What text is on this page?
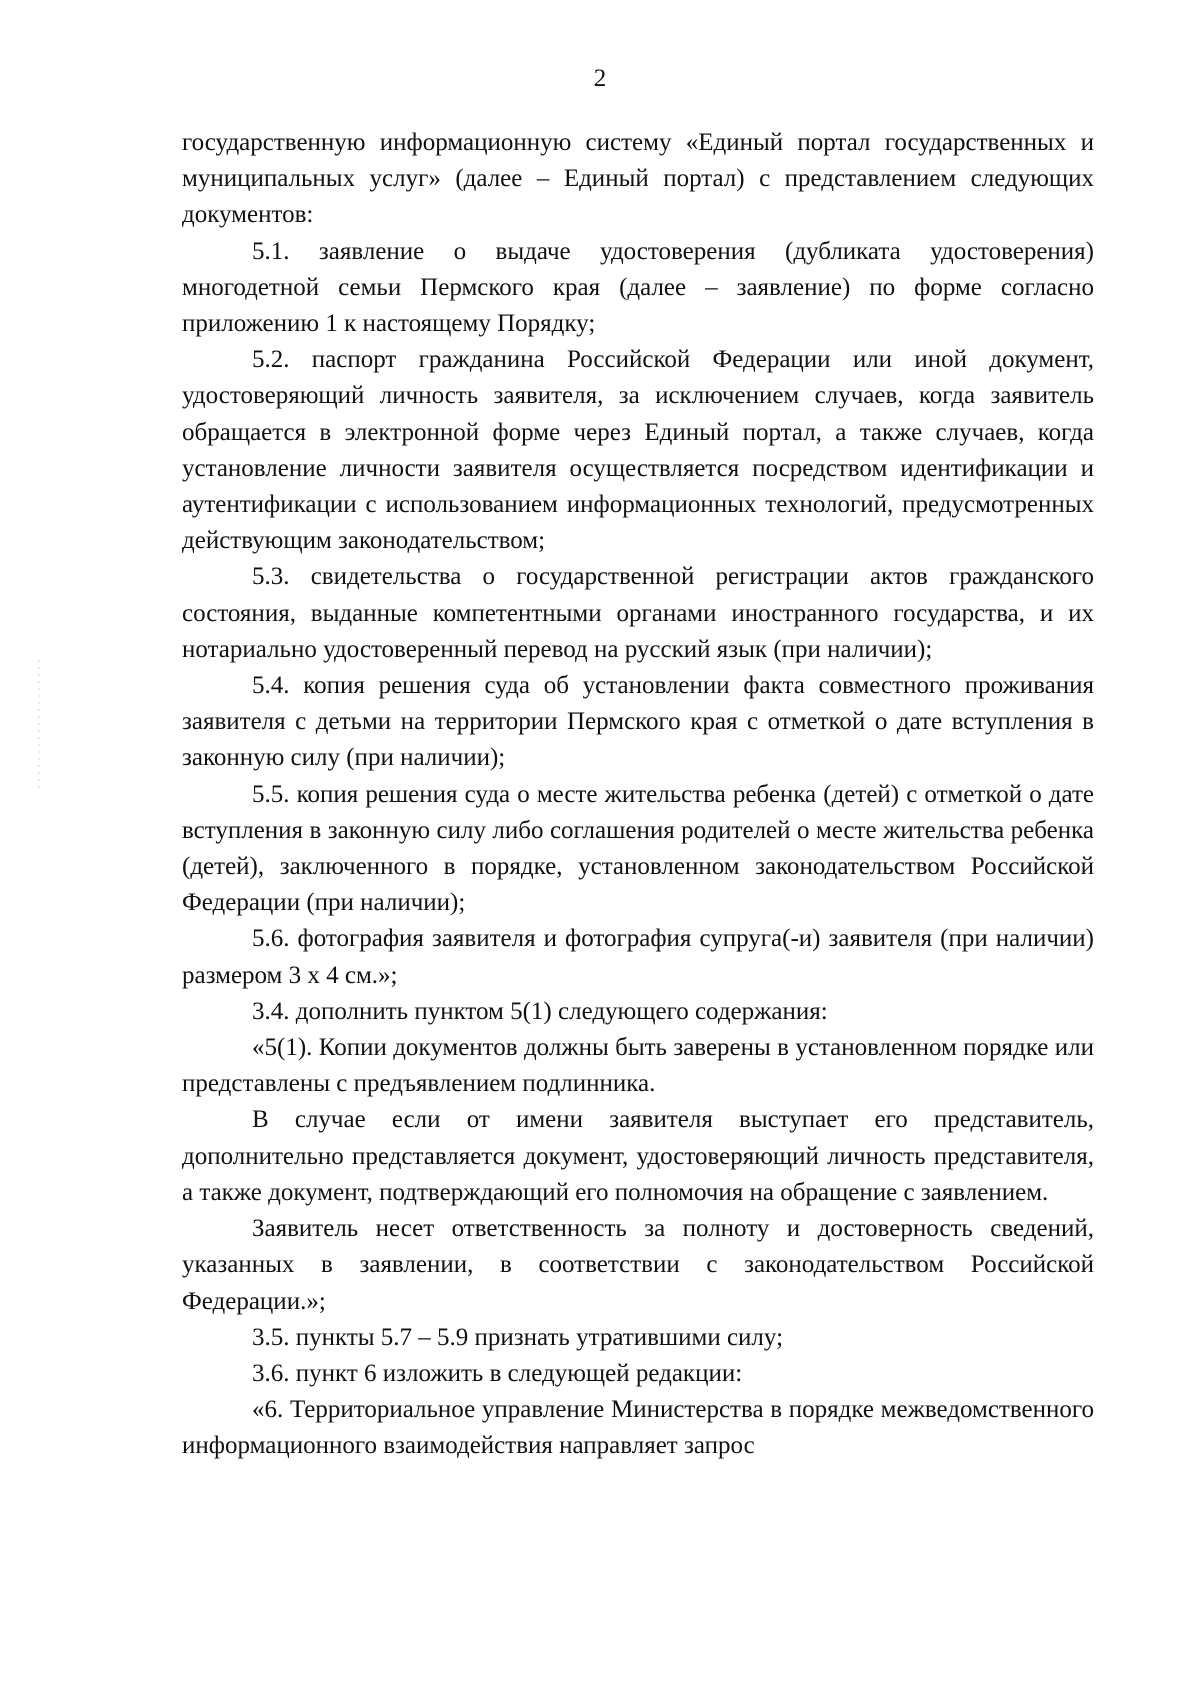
2

государственную информационную систему «Единый портал государственных и муниципальных услуг» (далее – Единый портал) с представлением следующих документов:

5.1. заявление о выдаче удостоверения (дубликата удостоверения) многодетной семьи Пермского края (далее – заявление) по форме согласно приложению 1 к настоящему Порядку;

5.2. паспорт гражданина Российской Федерации или иной документ, удостоверяющий личность заявителя, за исключением случаев, когда заявитель обращается в электронной форме через Единый портал, а также случаев, когда установление личности заявителя осуществляется посредством идентификации и аутентификации с использованием информационных технологий, предусмотренных действующим законодательством;

5.3. свидетельства о государственной регистрации актов гражданского состояния, выданные компетентными органами иностранного государства, и их нотариально удостоверенный перевод на русский язык (при наличии);

5.4. копия решения суда об установлении факта совместного проживания заявителя с детьми на территории Пермского края с отметкой о дате вступления в законную силу (при наличии);

5.5. копия решения суда о месте жительства ребенка (детей) с отметкой о дате вступления в законную силу либо соглашения родителей о месте жительства ребенка (детей), заключенного в порядке, установленном законодательством Российской Федерации (при наличии);

5.6. фотография заявителя и фотография супруга(-и) заявителя (при наличии) размером 3 х 4 см.»;

3.4. дополнить пунктом 5(1) следующего содержания:

«5(1). Копии документов должны быть заверены в установленном порядке или представлены с предъявлением подлинника.

В случае если от имени заявителя выступает его представитель, дополнительно представляется документ, удостоверяющий личность представителя, а также документ, подтверждающий его полномочия на обращение с заявлением.

Заявитель несет ответственность за полноту и достоверность сведений, указанных в заявлении, в соответствии с законодательством Российской Федерации.»;

3.5. пункты 5.7 – 5.9 признать утратившими силу;

3.6. пункт 6 изложить в следующей редакции:

«6. Территориальное управление Министерства в порядке межведомственного информационного взаимодействия направляет запрос
